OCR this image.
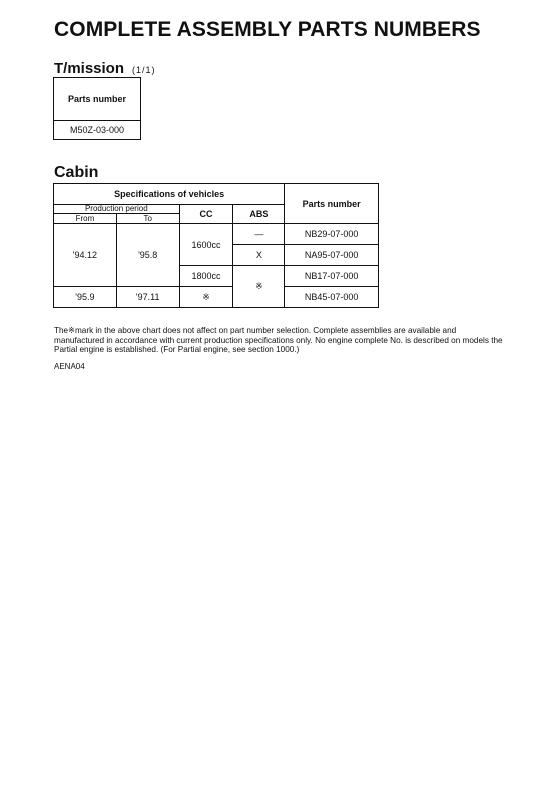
COMPLETE ASSEMBLY PARTS NUMBERS
T/mission (1/1)
Parts number
M50Z-03-000
Cabin
Specifications of vehicles				Parts number
Production period		CC	ABS	
From	To			
'94.12	'95.8	1600cc	—	NB29-07-000
			X	NA95-07-000
		1800cc	※	NB17-07-000
'95.9	'97.11	※		NB45-07-000

The※mark in the above chart does not affect on part number selection. Complete assemblies are available and manufactured in accordance with current production specifications only. No engine complete No. is described on models the Partial engine is established. (For Partial engine, see section 1000.)

AENA04
